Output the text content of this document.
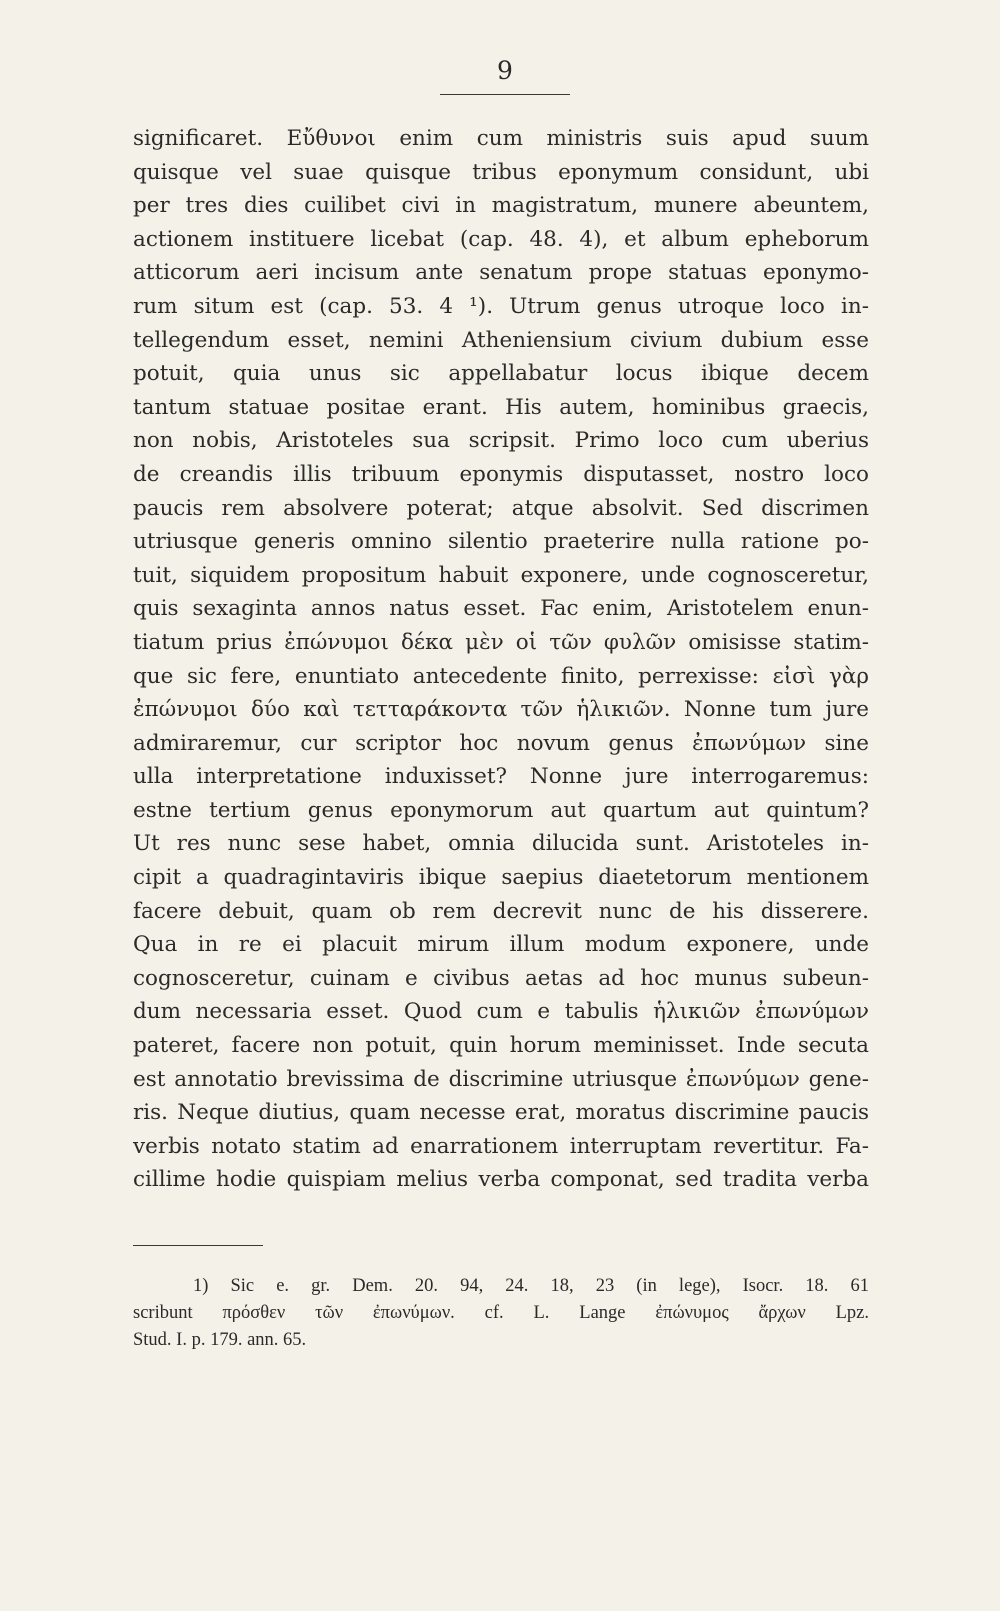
9
significaret. Εὔθυνοι enim cum ministris suis apud suum
quisque vel suae quisque tribus eponymum considunt, ubi
per tres dies cuilibet civi in magistratum, munere abeuntem,
actionem instituere licebat (cap. 48. 4), et album epheborum
atticorum aeri incisum ante senatum prope statuas eponymo-
rum situm est (cap. 53. 4 ¹). Utrum genus utroque loco in-
tellegendum esset, nemini Atheniensium civium dubium esse
potuit, quia unus sic appellabatur locus ibique decem
tantum statuae positae erant. His autem, hominibus graecis,
non nobis, Aristoteles sua scripsit. Primo loco cum uberius
de creandis illis tribuum eponymis disputasset, nostro loco
paucis rem absolvere poterat; atque absolvit. Sed discrimen
utriusque generis omnino silentio praeterire nulla ratione po-
tuit, siquidem propositum habuit exponere, unde cognosceretur,
quis sexaginta annos natus esset. Fac enim, Aristotelem enun-
tiatum prius ἐπώνυμοι δέκα μὲν οἱ τῶν φυλῶν omisisse statim-
que sic fere, enuntiato antecedente finito, perrexisse: εἰσὶ γὰρ
ἐπώνυμοι δύο καὶ τετταράκοντα τῶν ἡλικιῶν. Nonne tum jure
admiraremur, cur scriptor hoc novum genus ἐπωνύμων sine
ulla interpretatione induxisset? Nonne jure interrogaremus:
estne tertium genus eponymorum aut quartum aut quintum?
Ut res nunc sese habet, omnia dilucida sunt. Aristoteles in-
cipit a quadragintaviris ibique saepius diaetetorum mentionem
facere debuit, quam ob rem decrevit nunc de his disserere.
Qua in re ei placuit mirum illum modum exponere, unde
cognosceretur, cuinam e civibus aetas ad hoc munus subeun-
dum necessaria esset. Quod cum e tabulis ἡλικιῶν ἐπωνύμων
pateret, facere non potuit, quin horum meminisset. Inde secuta
est annotatio brevissima de discrimine utriusque ἐπωνύμων gene-
ris. Neque diutius, quam necesse erat, moratus discrimine paucis
verbis notato statim ad enarrationem interruptam revertitur. Fa-
cillime hodie quispiam melius verba componat, sed tradita verba
1) Sic e. gr. Dem. 20. 94, 24. 18, 23 (in lege), Isocr. 18. 61
scribunt πρόσθεν τῶν ἐπωνύμων. cf. L. Lange ἐπώνυμος ἄρχων Lpz.
Stud. I. p. 179. ann. 65.
